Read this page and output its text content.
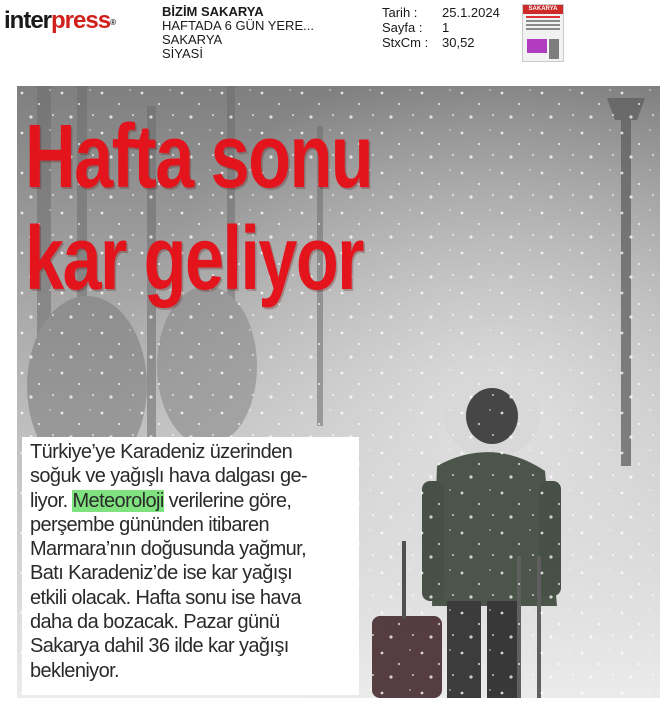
interpress®
BİZİM SAKARYA
HAFTADA 6 GÜN YERE...
SAKARYA
SİYASİ
Tarih :	25.1.2024
Sayfa :	1
StxCm :	30,52
SAKARYA
Hafta sonu
kar geliyor

Türkiye’ye Karadeniz üzerinden
soğuk ve yağışlı hava dalgası ge-
liyor. Meteoroloji verilerine göre,
perşembe gününden itibaren
Marmara’nın doğusunda yağmur,
Batı Karadeniz’de ise kar yağışı
etkili olacak. Hafta sonu ise hava
daha da bozacak. Pazar günü
Sakarya dahil 36 ilde kar yağışı
bekleniyor.
